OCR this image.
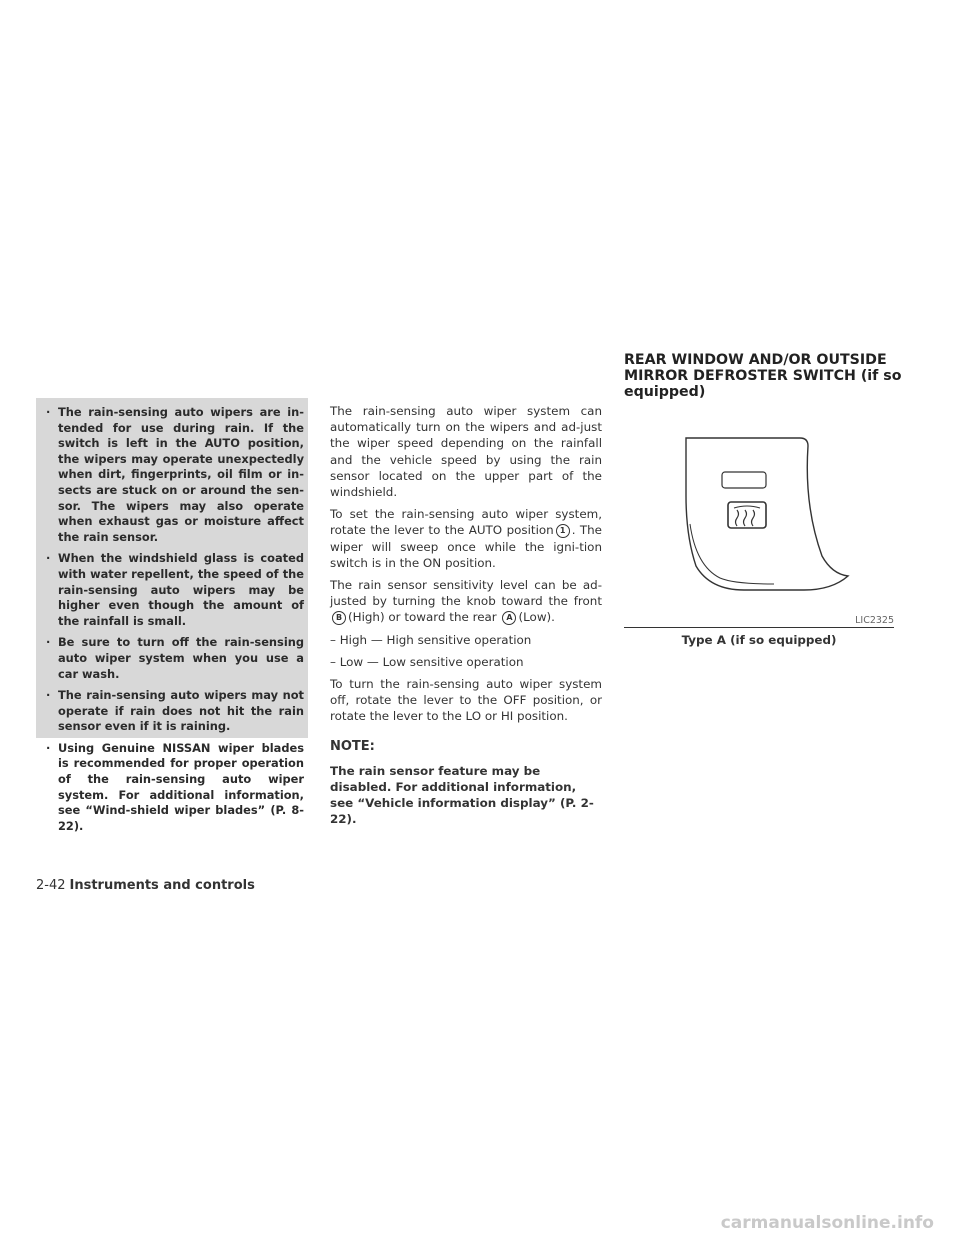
· The rain-sensing auto wipers are in-tended for use during rain. If the switch is left in the AUTO position, the wipers may operate unexpectedly when dirt, fingerprints, oil film or in-sects are stuck on or around the sen-sor. The wipers may also operate when exhaust gas or moisture affect the rain sensor.
· When the windshield glass is coated with water repellent, the speed of the rain-sensing auto wipers may be higher even though the amount of the rainfall is small.
· Be sure to turn off the rain-sensing auto wiper system when you use a car wash.
· The rain-sensing auto wipers may not operate if rain does not hit the rain sensor even if it is raining.
· Using Genuine NISSAN wiper blades is recommended for proper operation of the rain-sensing auto wiper system. For additional information, see “Wind-shield wiper blades” (P. 8-22).

The rain-sensing auto wiper system can automatically turn on the wipers and ad-just the wiper speed depending on the rainfall and the vehicle speed by using the rain sensor located on the upper part of the windshield.

To set the rain-sensing auto wiper system, rotate the lever to the AUTO position 1 . The wiper will sweep once while the igni-tion switch is in the ON position.

The rain sensor sensitivity level can be ad-justed by turning the knob toward the front B (High) or toward the rear A (Low).

– High — High sensitive operation
– Low — Low sensitive operation

To turn the rain-sensing auto wiper system off, rotate the lever to the OFF position, or rotate the lever to the LO or HI position.

NOTE:

The rain sensor feature may be disabled. For additional information, see “Vehicle information display” (P. 2-22).

REAR WINDOW AND/OR OUTSIDE MIRROR DEFROSTER SWITCH (if so equipped)
LIC2325
Type A (if so equipped)
2-42 Instruments and controls
carmanualsonline.info
